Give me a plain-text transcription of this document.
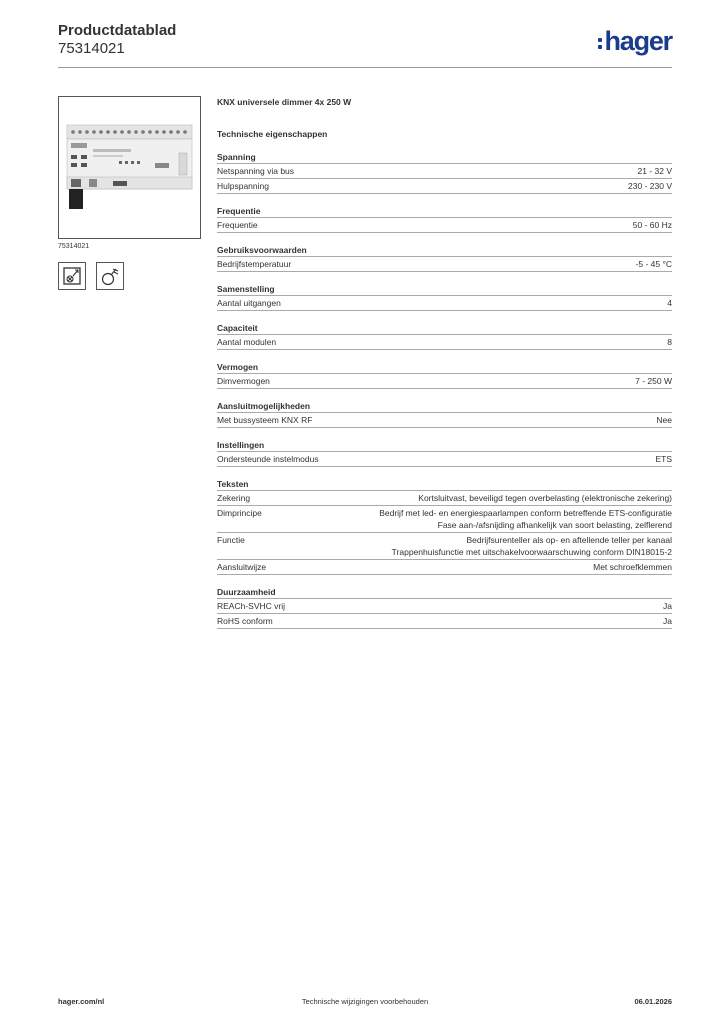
Productdatablad
75314021	hager
75314021
KNX universele dimmer 4x 250 W
Technische eigenschappen
Spanning
Netspanning via bus	21 - 32 V
Hulpspanning	230 - 230 V
Frequentie
Frequentie	50 - 60 Hz
Gebruiksvoorwaarden
Bedrijfstemperatuur	-5 - 45 °C
Samenstelling
Aantal uitgangen	4
Capaciteit
Aantal modulen	8
Vermogen
Dimvermogen	7 - 250 W
Aansluitmogelijkheden
Met bussysteem KNX RF	Nee
Instellingen
Ondersteunde instelmodus	ETS
Teksten
Zekering	Kortsluitvast, beveiligd tegen overbelasting (elektronische zekering)
Dimprincipe	Bedrijf met led- en energiespaarlampen conform betreffende ETS-configuratie
Fase aan-/afsnijding afhankelijk van soort belasting, zelflerend
Functie	Bedrijfsurenteller als op- en aftellende teller per kanaal
Trappenhuisfunctie met uitschakelvoorwaarschuwing conform DIN18015-2
Aansluitwijze	Met schroefklemmen
Duurzaamheid
REACh-SVHC vrij	Ja
RoHS conform	Ja
hager.com/nl	Technische wijzigingen voorbehouden	06.01.2026
